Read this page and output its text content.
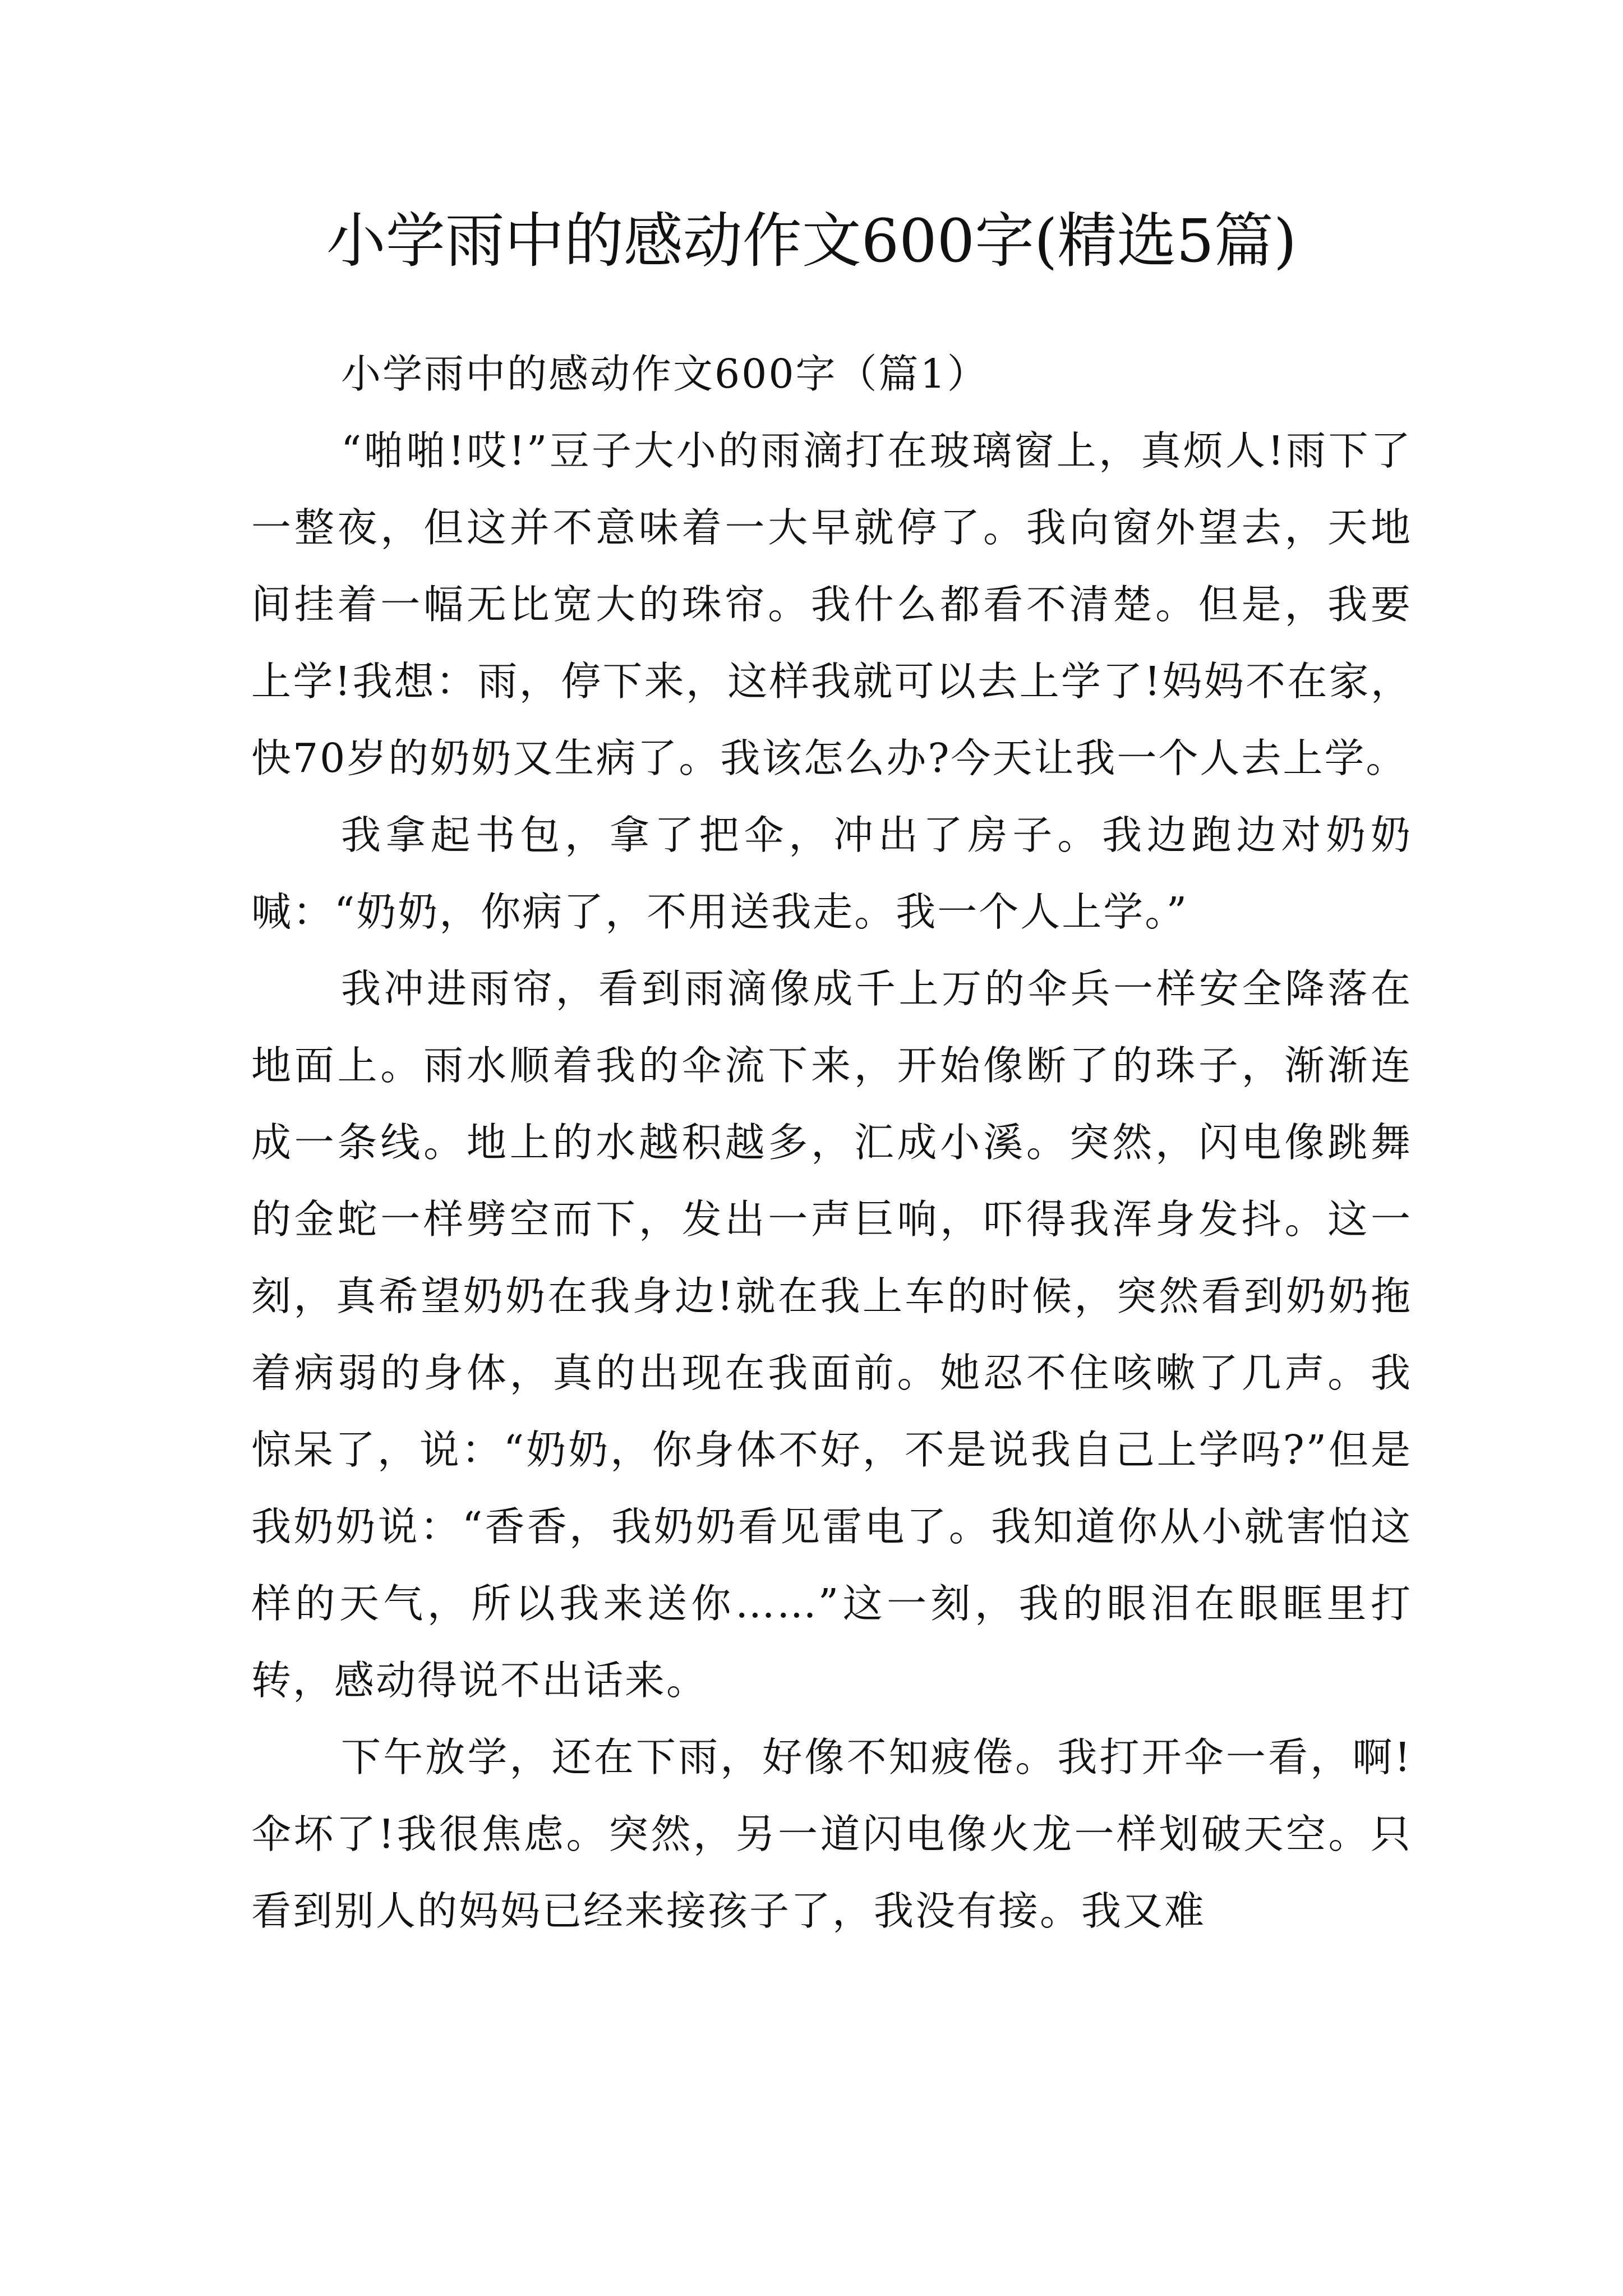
小学雨中的感动作文600字(精选5篇)
小学雨中的感动作文600字（篇1）

“啪啪!哎!”豆子大小的雨滴打在玻璃窗上，真烦人!雨下了一整夜，但这并不意味着一大早就停了。我向窗外望去，天地间挂着一幅无比宽大的珠帘。我什么都看不清楚。但是，我要上学!我想：雨，停下来，这样我就可以去上学了!妈妈不在家，快70岁的奶奶又生病了。我该怎么办?今天让我一个人去上学。

我拿起书包，拿了把伞，冲出了房子。我边跑边对奶奶喊：“奶奶，你病了，不用送我走。我一个人上学。”

我冲进雨帘，看到雨滴像成千上万的伞兵一样安全降落在地面上。雨水顺着我的伞流下来，开始像断了的珠子，渐渐连成一条线。地上的水越积越多，汇成小溪。突然，闪电像跳舞的金蛇一样劈空而下，发出一声巨响，吓得我浑身发抖。这一刻，真希望奶奶在我身边!就在我上车的时候，突然看到奶奶拖着病弱的身体，真的出现在我面前。她忍不住咳嗽了几声。我惊呆了，说：“奶奶，你身体不好，不是说我自己上学吗?”但是我奶奶说：“香香，我奶奶看见雷电了。我知道你从小就害怕这样的天气，所以我来送你……”这一刻，我的眼泪在眼眶里打转，感动得说不出话来。

下午放学，还在下雨，好像不知疲倦。我打开伞一看，啊!伞坏了!我很焦虑。突然，另一道闪电像火龙一样划破天空。只看到别人的妈妈已经来接孩子了，我没有接。我又难
